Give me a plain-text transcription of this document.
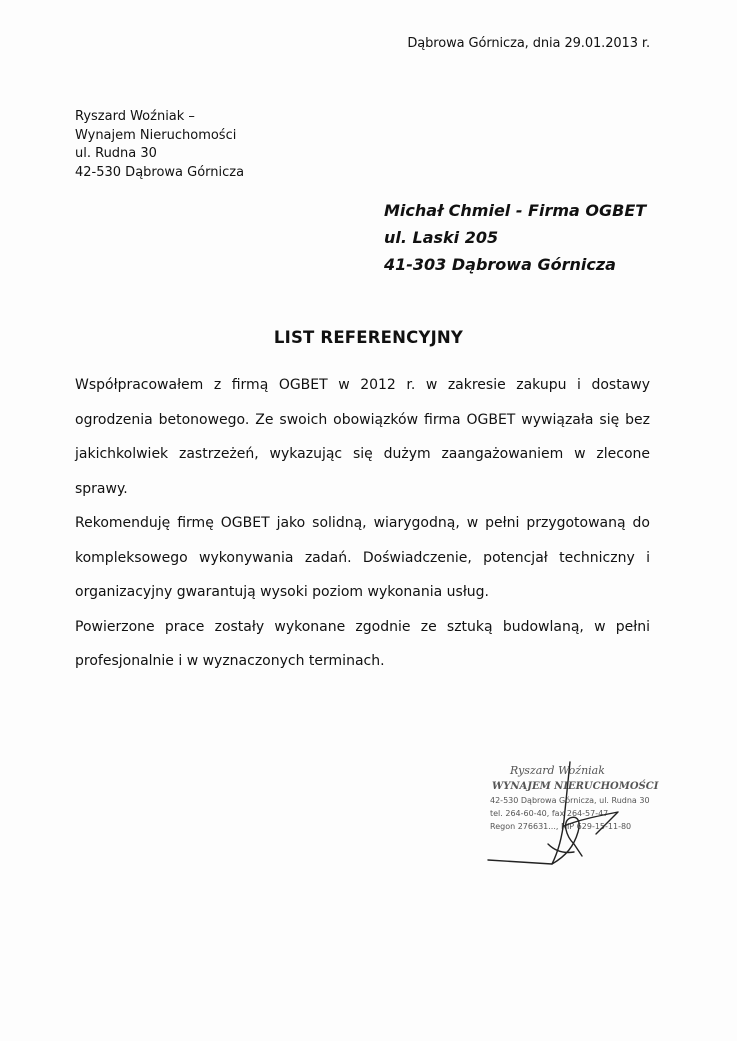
Dąbrowa Górnicza, dnia 29.01.2013 r.
Ryszard Woźniak –
Wynajem Nieruchomości
ul. Rudna 30
42-530 Dąbrowa Górnicza
Michał Chmiel - Firma OGBET
ul. Laski 205
41-303 Dąbrowa Górnicza
LIST REFERENCYJNY

Współpracowałem z firmą OGBET w 2012 r. w zakresie zakupu i dostawy ogrodzenia betonowego. Ze swoich obowiązków firma OGBET wywiązała się bez jakichkolwiek zastrzeżeń, wykazując się dużym zaangażowaniem w zlecone sprawy.

Rekomenduję firmę OGBET jako solidną, wiarygodną, w pełni przygotowaną do kompleksowego wykonywania zadań. Doświadczenie, potencjał techniczny i organizacyjny gwarantują wysoki poziom wykonania usług.

Powierzone prace zostały wykonane zgodnie ze sztuką budowlaną, w pełni profesjonalnie i w wyznaczonych terminach.

Ryszard Woźniak
WYNAJEM NIERUCHOMOŚCI
42-530 Dąbrowa Górnicza, ul. Rudna 30
tel. 264-60-40, fax 264-57-47
Regon 276631..., NIP 629-15-11-80
